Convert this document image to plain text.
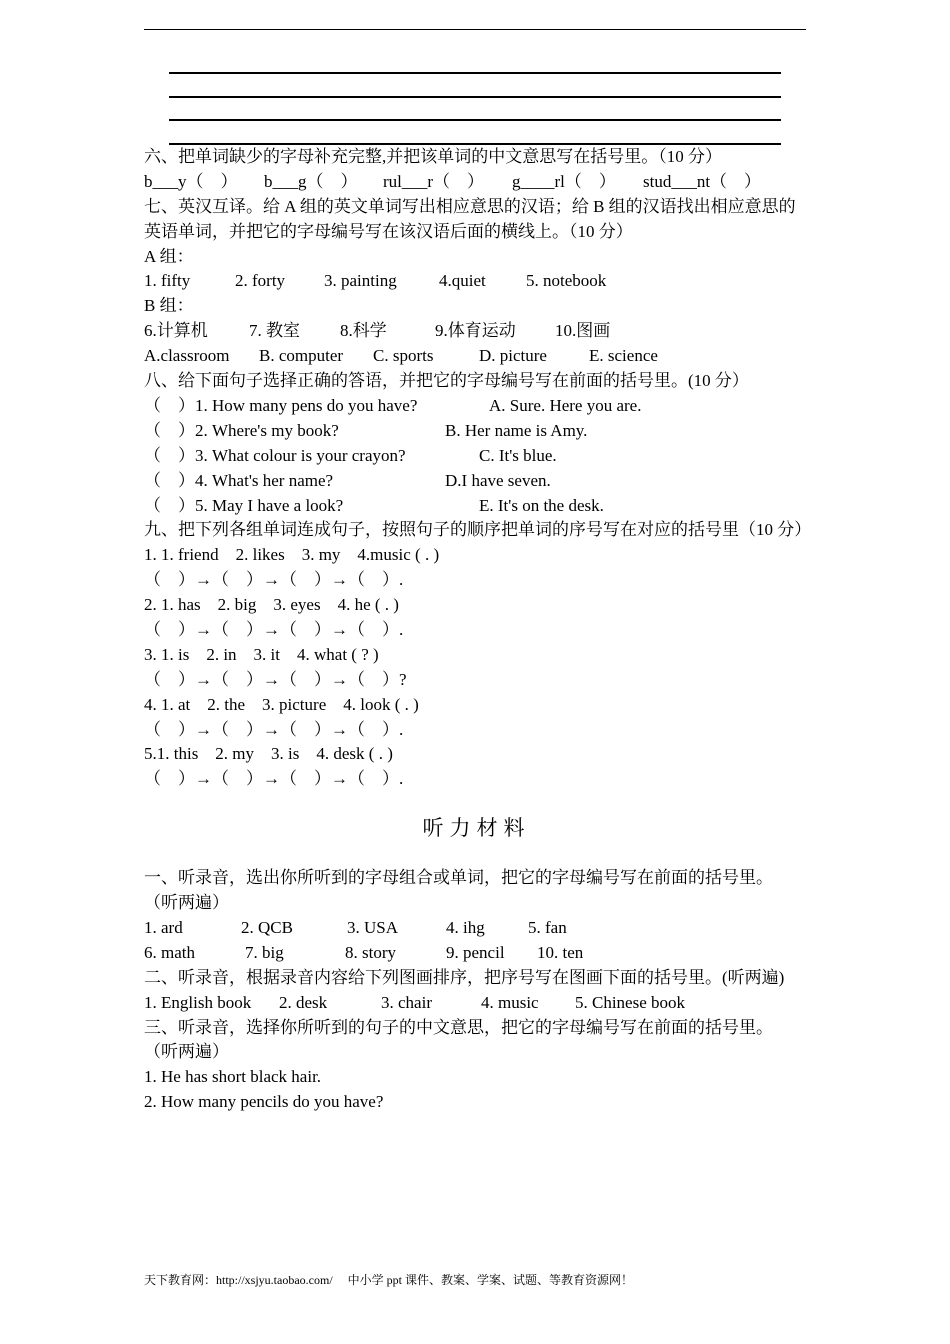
六、把单词缺少的字母补充完整,并把该单词的中文意思写在括号里。（10 分）
b___y（　） b___g（　） rul___r（　） g____rl（　） stud___nt（　）
七、英汉互译。给 A 组的英文单词写出相应意思的汉语；给 B 组的汉语找出相应意思的英语单词，并把它的字母编号写在该汉语后面的横线上。（10 分）
A 组：
1. fifty	2. forty 3. painting 4.quiet 5. notebook
B 组：
6.计算机 7. 教室 8.科学	9.体育运动 10.图画
A.classroom B. computer C. sports	D. picture E. science
八、给下面句子选择正确的答语，并把它的字母编号写在前面的括号里。(10 分）
（　）1. How many pens do you have?	A. Sure. Here you are.
（　）2. Where's my book?	B. Her name is Amy.
（　）3. What colour is your crayon?	C. It's blue.
（　）4. What's her name?	D.I have seven.
（　）5. May I have a look?	E. It's on the desk.
九、把下列各组单词连成句子，按照句子的顺序把单词的序号写在对应的括号里（10 分）
1. 1. friend　2. likes　3. my　4.music ( . )
（　）→（　）→（　）→（　）.
2. 1. has　2. big　3. eyes　4. he ( . )
（　）→（　）→（　）→（　）.
3. 1. is　2. in　3. it　4. what ( ? )
（　）→（　）→（　）→（　）?
4. 1. at　2. the　3. picture　4. look ( . )
（　）→（　）→（　）→（　）.
5.1. this　2. my　3. is　4. desk ( . )
（　）→（　）→（　）→（　）.
听力材料
一、听录音，选出你所听到的字母组合或单词，把它的字母编号写在前面的括号里。
（听两遍）
1. ard	2. QCB	3. USA	4. ihg	5. fan
6. math	7. big	8. story	9. pencil 10. ten
二、听录音，根据录音内容给下列图画排序，把序号写在图画下面的括号里。(听两遍)
1. English book 2. desk	3. chair	4. music 5. Chinese book
三、听录音，选择你所听到的句子的中文意思，把它的字母编号写在前面的括号里。
（听两遍）
1. He has short black hair.
2. How many pencils do you have?
天下教育网：http://xsjyu.taobao.com/　 中小学 ppt 课件、教案、学案、试题、等教育资源网！
